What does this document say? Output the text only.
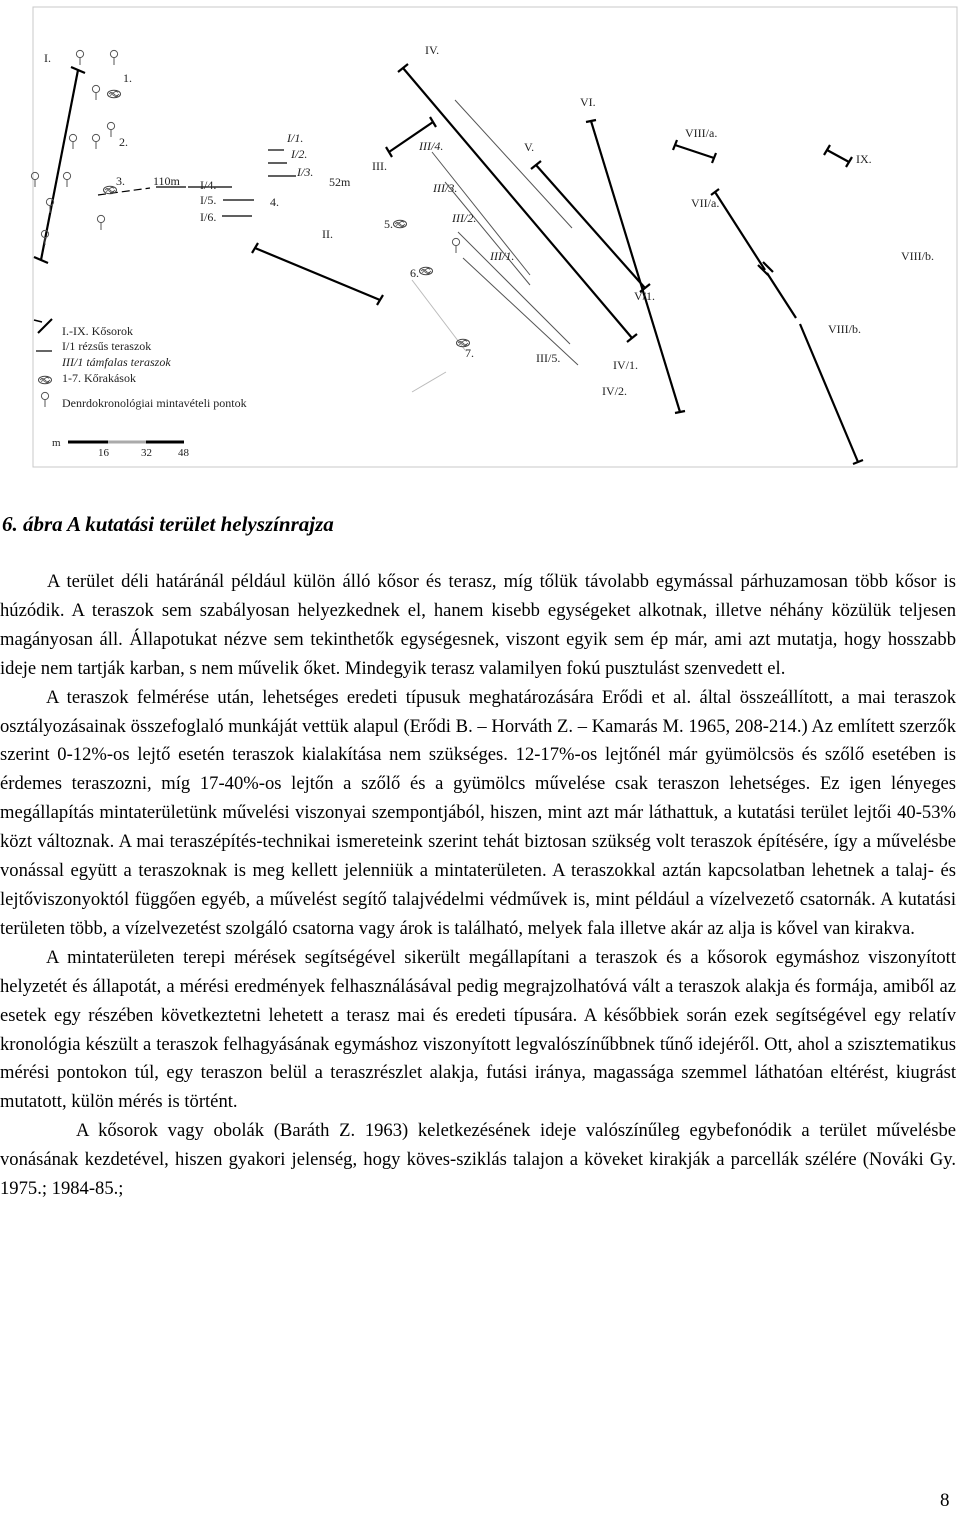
I.
1.
2.
3. 110m I/4.
I/5.
I/6.
4.
I/1.
I/2.
I/3.
52m
II.
III.
5.
6.
IV.
III/4.
III/3.
III/2.
III/1.
V.
VI.
V/1.
VIII/a.
VII/a.
IX.
VIII/b.
VIII/b.
7.	III/5.	IV/1.
IV/2.
I.-IX. Kősorok
I/1 rézsűs teraszok
III/1 támfalas teraszok
1-7. Kőrakások
Denrdokronológiai mintavételi pontok
m
16	32 48
6. ábra A kutatási terület helyszínrajza

A terület déli határánál például külön álló kősor és terasz, míg tőlük távolabb egymással párhuzamosan több kősor is húzódik. A teraszok sem szabályosan helyezkednek el, hanem kisebb egységeket alkotnak, illetve néhány közülük teljesen magányosan áll. Állapotukat nézve sem tekinthetők egységesnek, viszont egyik sem ép már, ami azt mutatja, hogy hosszabb ideje nem tartják karban, s nem művelik őket. Mindegyik terasz valamilyen fokú pusztulást szenvedett el.

A teraszok felmérése után, lehetséges eredeti típusuk meghatározására Erődi et al. által összeállított, a mai teraszok osztályozásainak összefoglaló munkáját vettük alapul (Erődi B. – Horváth Z. – Kamarás M. 1965, 208-214.) Az említett szerzők szerint 0-12%-os lejtő esetén teraszok kialakítása nem szükséges. 12-17%-os lejtőnél már gyümölcsös és szőlő esetében is érdemes teraszozni, míg 17-40%-os lejtőn a szőlő és a gyümölcs művelése csak teraszon lehetséges. Ez igen lényeges megállapítás mintaterületünk művelési viszonyai szempontjából, hiszen, mint azt már láthattuk, a kutatási terület lejtői 40-53% közt változnak. A mai teraszépítés-technikai ismereteink szerint tehát biztosan szükség volt teraszok építésére, így a művelésbe vonással együtt a teraszoknak is meg kellett jelenniük a mintaterületen. A teraszokkal aztán kapcsolatban lehetnek a talaj- és lejtőviszonyoktól függően egyéb, a művelést segítő talajvédelmi védművek is, mint például a vízelvezető csatornák. A kutatási területen több, a vízelvezetést szolgáló csatorna vagy árok is található, melyek fala illetve akár az alja is kővel van kirakva.

A mintaterületen terepi mérések segítségével sikerült megállapítani a teraszok és a kősorok egymáshoz viszonyított helyzetét és állapotát, a mérési eredmények felhasználásával pedig megrajzolhatóvá vált a teraszok alakja és formája, amiből az esetek egy részében következtetni lehetett a terasz mai és eredeti típusára. A későbbiek során ezek segítségével egy relatív kronológia készült a teraszok felhagyásának egymáshoz viszonyított legvalószínűbbnek tűnő idejéről. Ott, ahol a szisztematikus mérési pontokon túl, egy teraszon belül a teraszrészlet alakja, futási iránya, magassága szemmel láthatóan eltérést, kiugrást mutatott, külön mérés is történt.

A kősorok vagy obolák (Baráth Z. 1963) keletkezésének ideje valószínűleg egybefonódik a terület művelésbe vonásának kezdetével, hiszen gyakori jelenség, hogy köves-sziklás talajon a köveket kirakják a parcellák szélére (Nováki Gy. 1975.; 1984-85.;

8
